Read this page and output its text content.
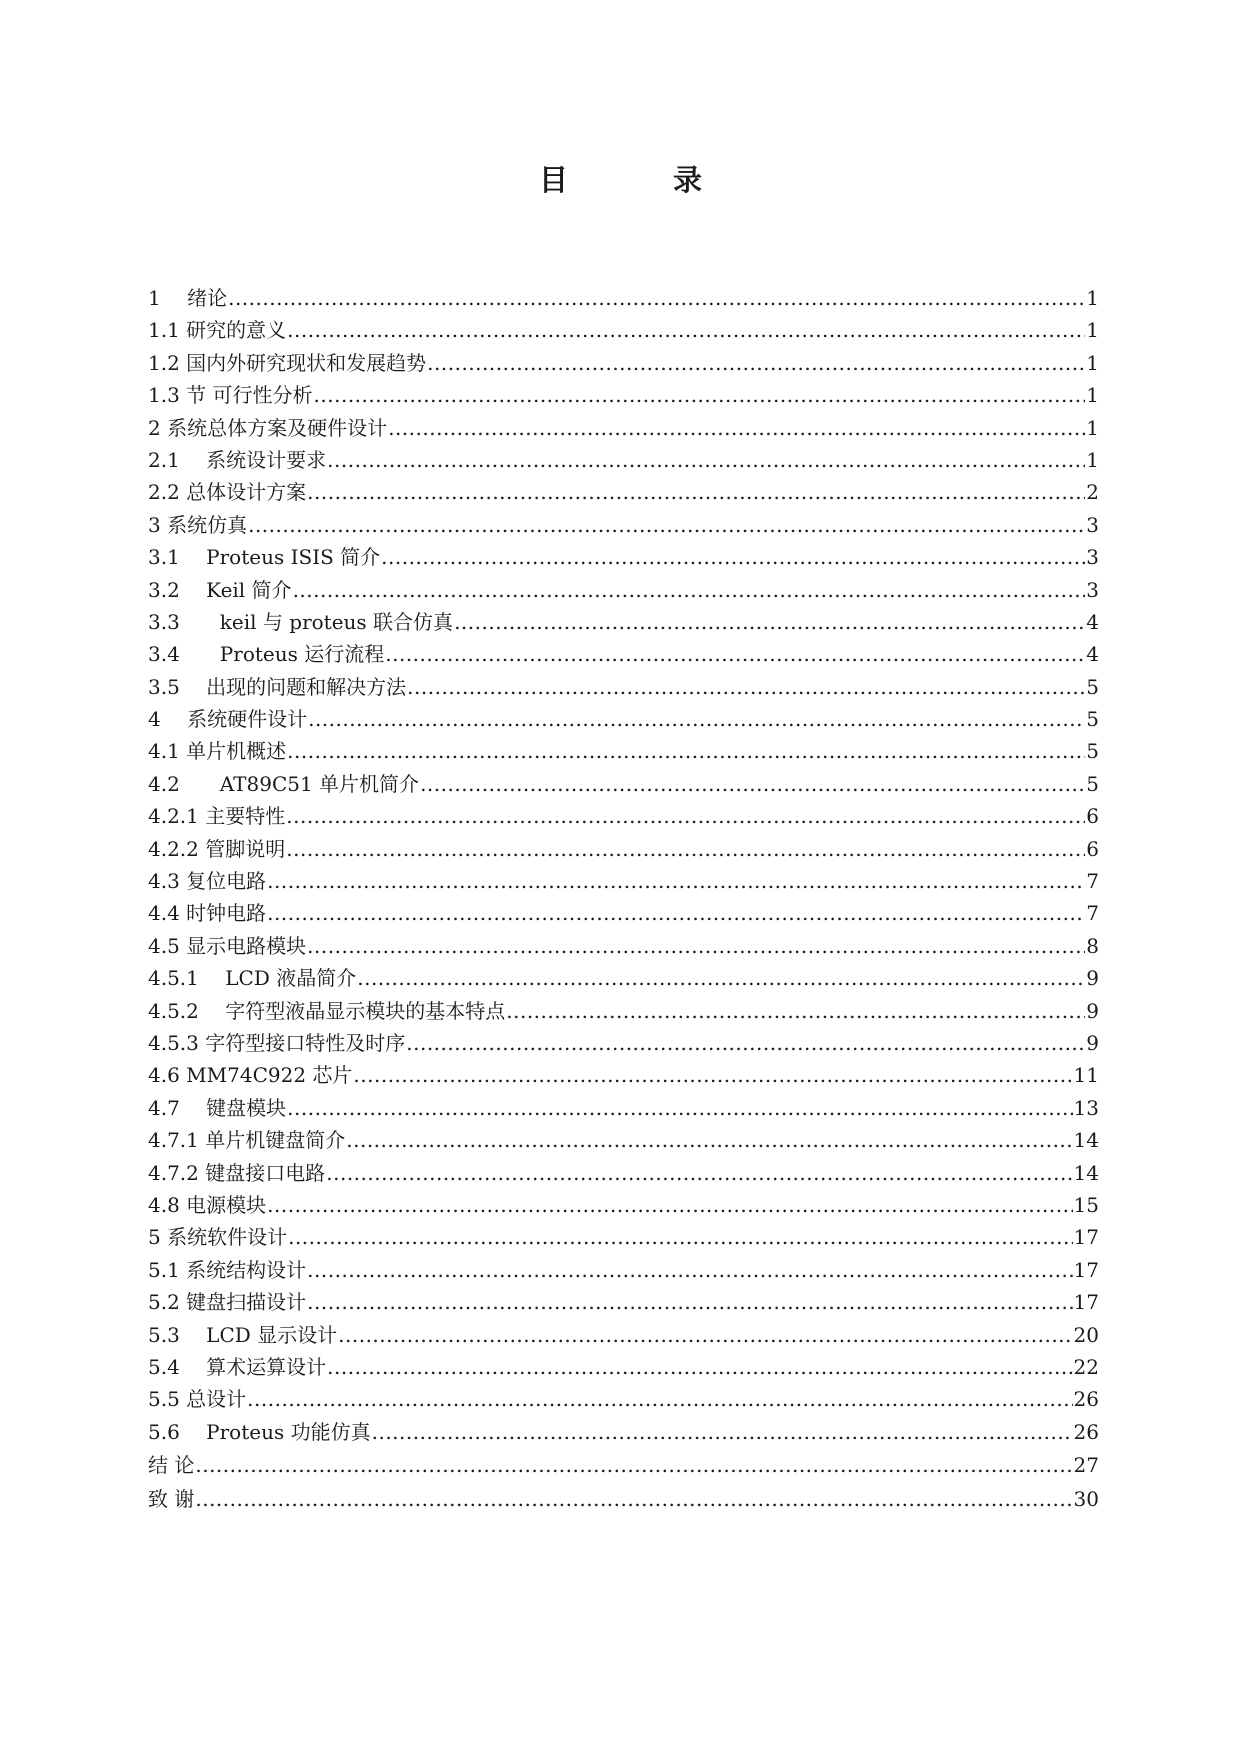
目　录
1　 绪论 .....	1
1.1 研究的意义 .....	1
1.2 国内外研究现状和发展趋势 .....	1
1.3 节 可行性分析 .....	1
2 系统总体方案及硬件设计 .....	1
2.1　 系统设计要求 .....	1
2.2 总体设计方案 .....	2
3 系统仿真 .....	3
3.1　 Proteus ISIS 简介 .....	3
3.2　 Keil 简介 .....	3
3.3　　keil 与 proteus 联合仿真 .....	4
3.4　　Proteus 运行流程 .....	4
3.5　 出现的问题和解决方法 .....	5
4　 系统硬件设计 .....	5
4.1 单片机概述 .....	5
4.2　　AT89C51 单片机简介 .....	5
4.2.1 主要特性 .....	6
4.2.2 管脚说明 .....	6
4.3 复位电路 .....	7
4.4 时钟电路 .....	7
4.5 显示电路模块 .....	8
4.5.1　 LCD 液晶简介 .....	9
4.5.2　 字符型液晶显示模块的基本特点 .....	9
4.5.3 字符型接口特性及时序 .....	9
4.6 MM74C922 芯片 .....	11
4.7　 键盘模块 .....	13
4.7.1 单片机键盘简介 .....	14
4.7.2 键盘接口电路 .....	14
4.8 电源模块 .....	15
5 系统软件设计 .....	17
5.1 系统结构设计 .....	17
5.2 键盘扫描设计 .....	17
5.3　 LCD 显示设计 .....	20
5.4　 算术运算设计 .....	22
5.5 总设计 .....	26
5.6　 Proteus 功能仿真 .....	26
结 论 .....	27
致 谢 .....	30
